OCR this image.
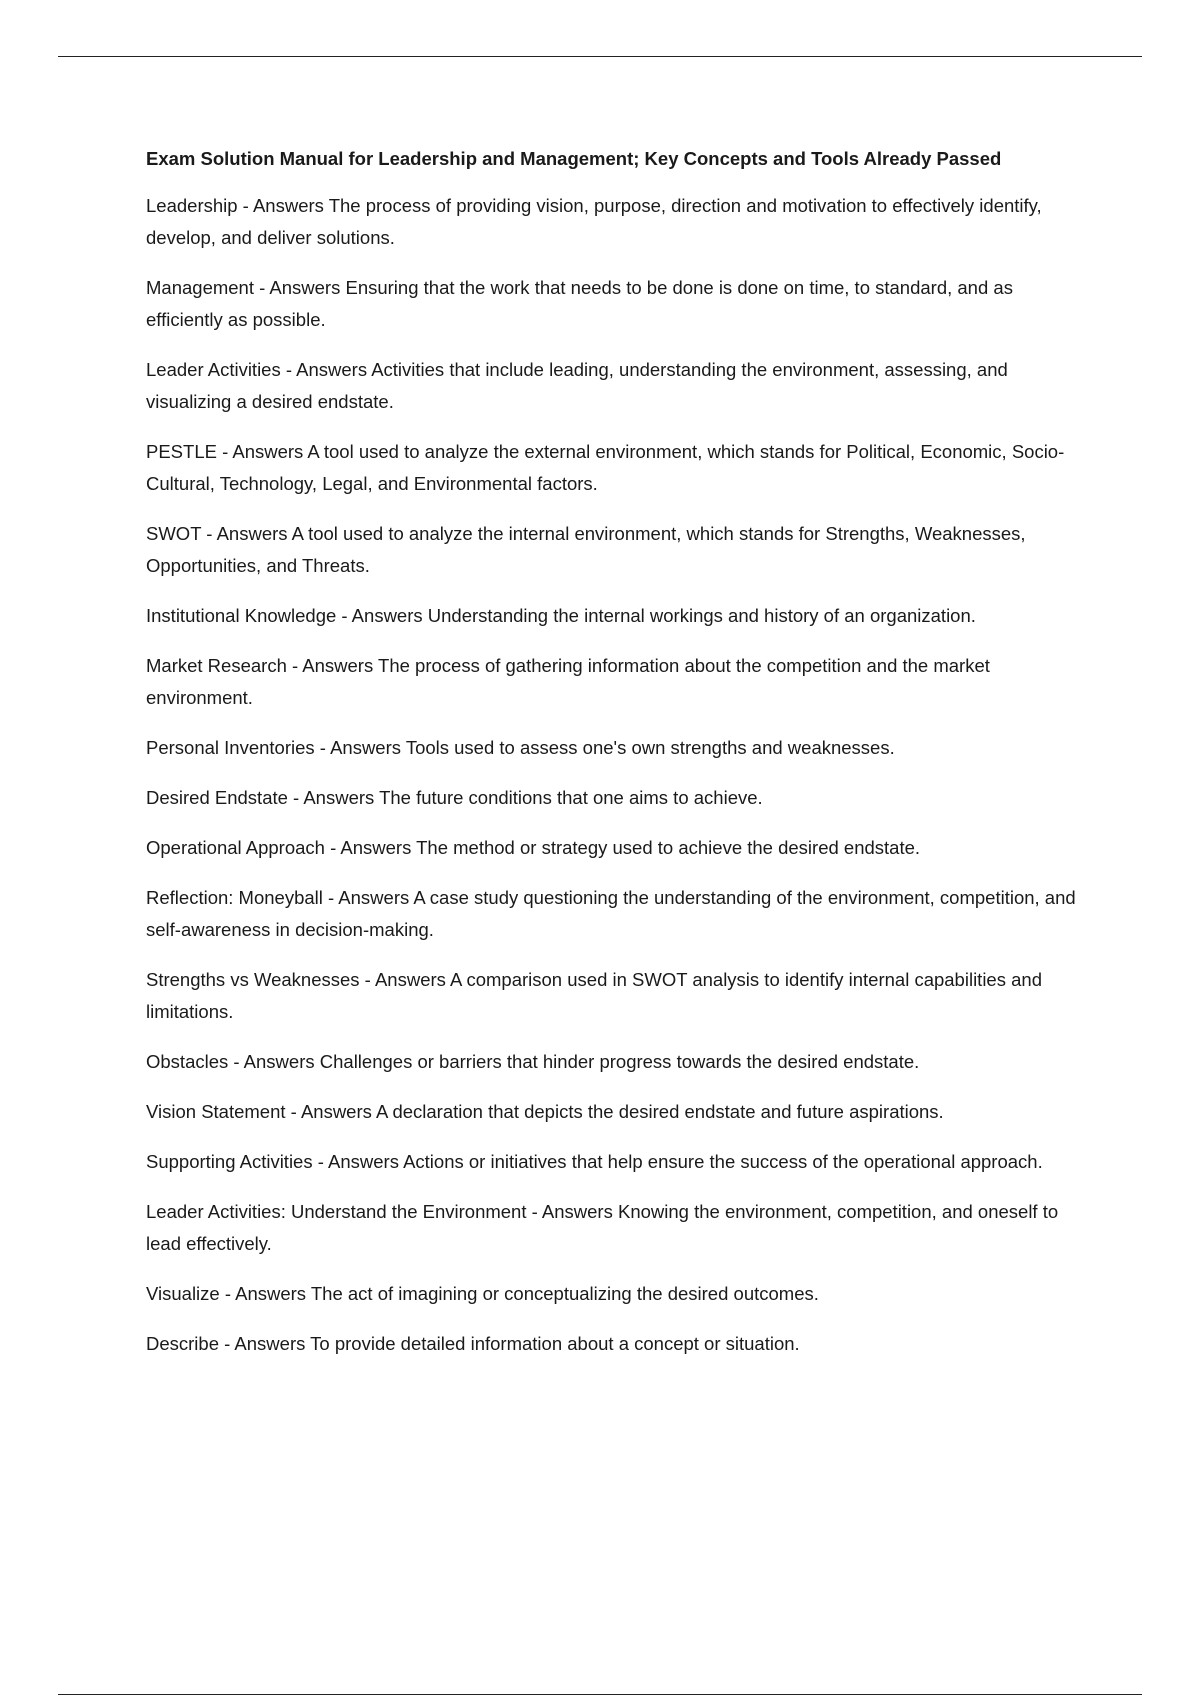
Exam Solution Manual for Leadership and Management; Key Concepts and Tools Already Passed
Leadership - Answers The process of providing vision, purpose, direction and motivation to effectively identify, develop, and deliver solutions.
Management - Answers Ensuring that the work that needs to be done is done on time, to standard, and as efficiently as possible.
Leader Activities - Answers Activities that include leading, understanding the environment, assessing, and visualizing a desired endstate.
PESTLE - Answers A tool used to analyze the external environment, which stands for Political, Economic, Socio-Cultural, Technology, Legal, and Environmental factors.
SWOT - Answers A tool used to analyze the internal environment, which stands for Strengths, Weaknesses, Opportunities, and Threats.
Institutional Knowledge - Answers Understanding the internal workings and history of an organization.
Market Research - Answers The process of gathering information about the competition and the market environment.
Personal Inventories - Answers Tools used to assess one's own strengths and weaknesses.
Desired Endstate - Answers The future conditions that one aims to achieve.
Operational Approach - Answers The method or strategy used to achieve the desired endstate.
Reflection: Moneyball - Answers A case study questioning the understanding of the environment, competition, and self-awareness in decision-making.
Strengths vs Weaknesses - Answers A comparison used in SWOT analysis to identify internal capabilities and limitations.
Obstacles - Answers Challenges or barriers that hinder progress towards the desired endstate.
Vision Statement - Answers A declaration that depicts the desired endstate and future aspirations.
Supporting Activities - Answers Actions or initiatives that help ensure the success of the operational approach.
Leader Activities: Understand the Environment - Answers Knowing the environment, competition, and oneself to lead effectively.
Visualize - Answers The act of imagining or conceptualizing the desired outcomes.
Describe - Answers To provide detailed information about a concept or situation.
